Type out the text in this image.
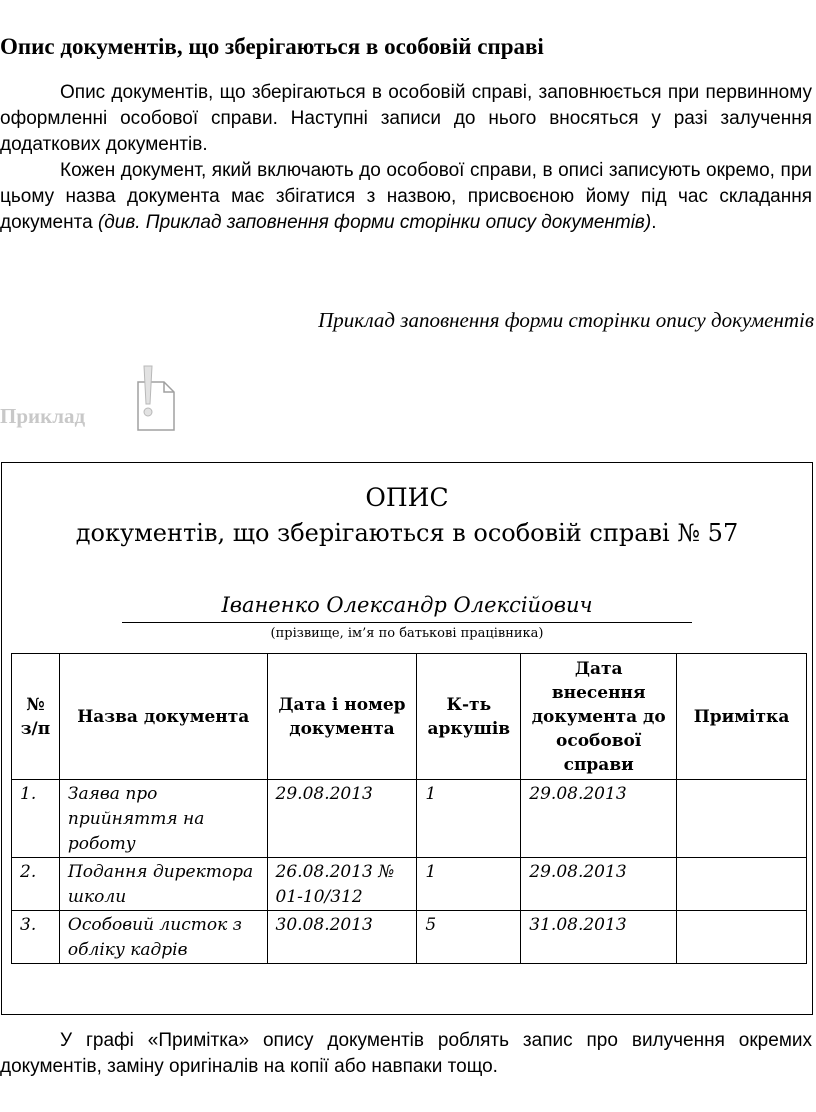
Опис документів, що зберігаються в особовій справі

Опис документів, що зберігаються в особовій справі, заповнюється при первинному оформленні особової справи. Наступні записи до нього вносяться у разі залучення додаткових документів.

Кожен документ, який включають до особової справи, в описі записують окремо, при цьому назва документа має збігатися з назвою, присвоєною йому під час складання документа (див. Приклад заповнення форми сторінки опису документів).

Приклад заповнення форми сторінки опису документів

Приклад
ОПИС
документів, що зберігаються в особовій справі № 57
Іваненко Олександр Олексійович
(прізвище, ім’я по батькові працівника)
№ з/п	Назва документа	Дата і номер документа	К-ть аркушів	Дата внесення документа до особової справи	Примітка
1.	Заява про прийняття на роботу	29.08.2013	1	29.08.2013	
2.	Подання директора школи	26.08.2013 № 01-10/312	1	29.08.2013	
3.	Особовий листок з обліку кадрів	30.08.2013	5	31.08.2013	

У графі «Примітка» опису документів роблять запис про вилучення окремих документів, заміну оригіналів на копії або навпаки тощо.
